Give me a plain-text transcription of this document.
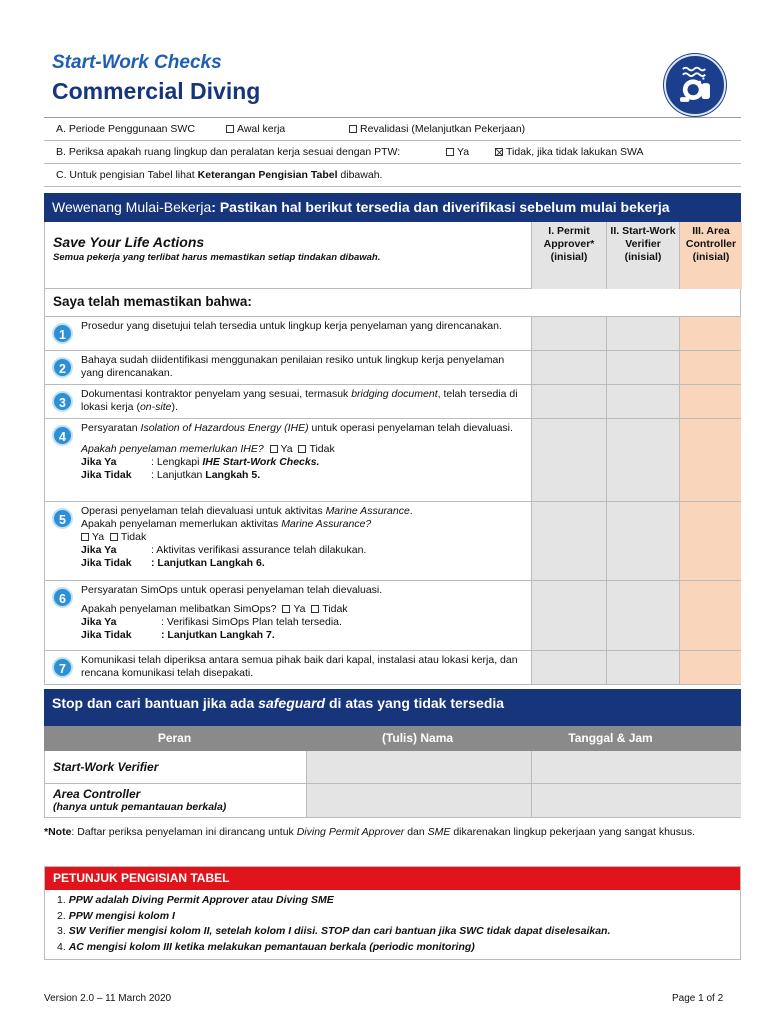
Start-Work Checks
Commercial Diving
A. Periode Penggunaan SWC	Awal kerja	Revalidasi (Melanjutkan Pekerjaan)
B. Periksa apakah ruang lingkup dan peralatan kerja sesuai dengan PTW:	Ya	Tidak, jika tidak lakukan SWA
C. Untuk pengisian Tabel lihat Keterangan Pengisian Tabel dibawah.
Wewenang Mulai-Bekerja: Pastikan hal berikut tersedia dan diverifikasi sebelum mulai bekerja
Save Your Life Actions
Semua pekerja yang terlibat harus memastikan setiap tindakan dibawah.
I. Permit Approver* (inisial)
II. Start-Work Verifier (inisial)
III. Area Controller (inisial)
Saya telah memastikan bahwa:
1
Prosedur yang disetujui telah tersedia untuk lingkup kerja penyelaman yang direncanakan.
2
Bahaya sudah diidentifikasi menggunakan penilaian resiko untuk lingkup kerja penyelaman yang direncanakan.
3
Dokumentasi kontraktor penyelam yang sesuai, termasuk bridging document, telah tersedia di lokasi kerja (on-site).
4
Persyaratan Isolation of Hazardous Energy (IHE) untuk operasi penyelaman telah dievaluasi.
Apakah penyelaman memerlukan IHE? Ya Tidak
Jika Ya	: Lengkapi IHE Start-Work Checks.
Jika Tidak	: Lanjutkan Langkah 5.
5
Operasi penyelaman telah dievaluasi untuk aktivitas Marine Assurance.
Apakah penyelaman memerlukan aktivitas Marine Assurance?
Ya Tidak
Jika Ya	: Aktivitas verifikasi assurance telah dilakukan.
Jika Tidak	: Lanjutkan Langkah 6.
6
Persyaratan SimOps untuk operasi penyelaman telah dievaluasi.
Apakah penyelaman melibatkan SimOps? Ya Tidak
Jika Ya	: Verifikasi SimOps Plan telah tersedia.
Jika Tidak	: Lanjutkan Langkah 7.
7
Komunikasi telah diperiksa antara semua pihak baik dari kapal, instalasi atau lokasi kerja, dan rencana komunikasi telah disepakati.
Stop dan cari bantuan jika ada safeguard di atas yang tidak tersedia
Peran	(Tulis) Nama	Tanggal & Jam
Start-Work Verifier
Area Controller
(hanya untuk pemantauan berkala)
*Note: Daftar periksa penyelaman ini dirancang untuk Diving Permit Approver dan SME dikarenakan lingkup pekerjaan yang sangat khusus.
PETUNJUK PENGISIAN TABEL
1. PPW adalah Diving Permit Approver atau Diving SME
2. PPW mengisi kolom I
3. SW Verifier mengisi kolom II, setelah kolom I diisi. STOP dan cari bantuan jika SWC tidak dapat diselesaikan.
4. AC mengisi kolom III ketika melakukan pemantauan berkala (periodic monitoring)
Version 2.0 – 11 March 2020	Page 1 of 2
